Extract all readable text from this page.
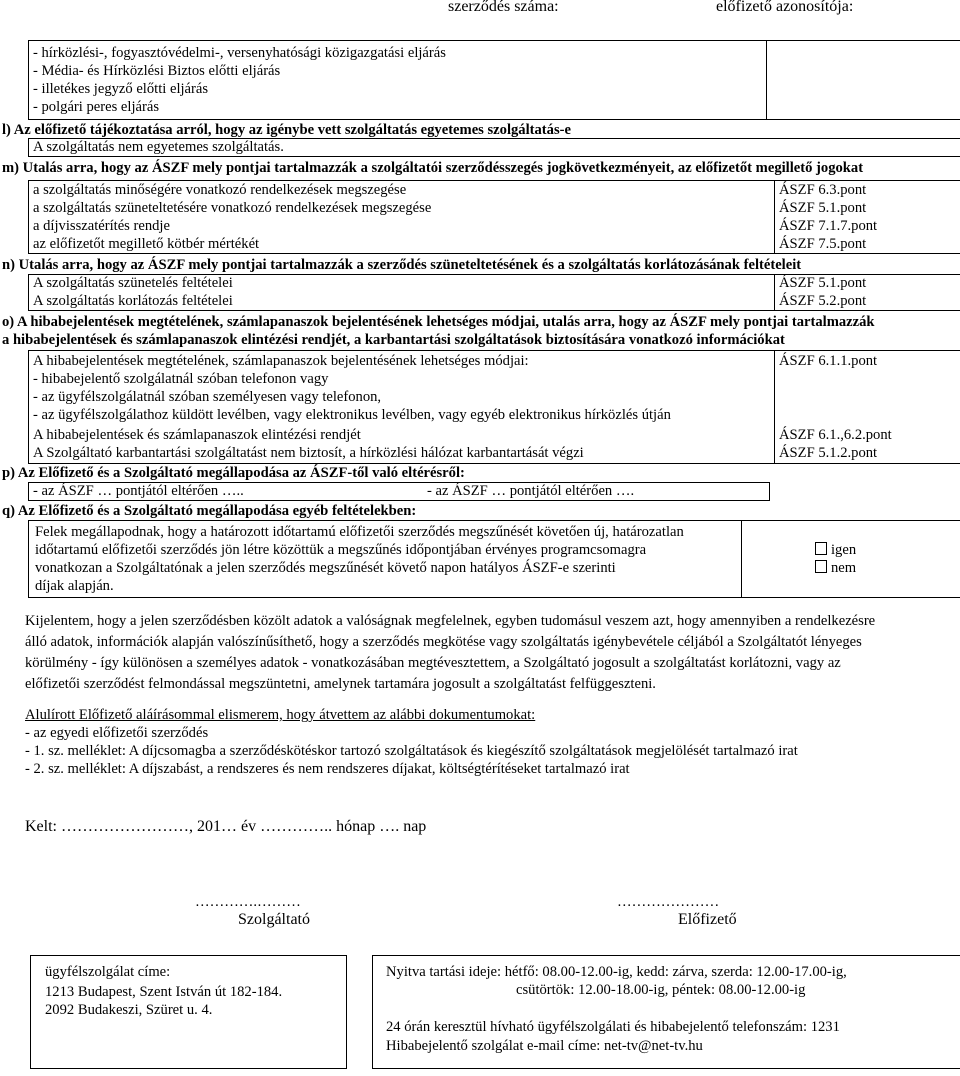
szerződés száma:	előfizető azonosítója:
- hírközlési-, fogyasztóvédelmi-, versenyhatósági közigazgatási eljárás
- Média- és Hírközlési Biztos előtti eljárás
- illetékes jegyző előtti eljárás
- polgári peres eljárás
l) Az előfizető tájékoztatása arról, hogy az igénybe vett szolgáltatás egyetemes szolgáltatás-e
A szolgáltatás nem egyetemes szolgáltatás.
m) Utalás arra, hogy az ÁSZF mely pontjai tartalmazzák a szolgáltatói szerződésszegés jogkövetkezményeit, az előfizetőt megillető jogokat
a szolgáltatás minőségére vonatkozó rendelkezések megszegése	ÁSZF 6.3.pont
a szolgáltatás szüneteltetésére vonatkozó rendelkezések megszegése	ÁSZF 5.1.pont
a díjvisszatérítés rendje	ÁSZF 7.1.7.pont
az előfizetőt megillető kötbér mértékét	ÁSZF 7.5.pont
n) Utalás arra, hogy az ÁSZF mely pontjai tartalmazzák a szerződés szüneteltetésének és a szolgáltatás korlátozásának feltételeit
A szolgáltatás szünetelés feltételei	ÁSZF 5.1.pont
A szolgáltatás korlátozás feltételei	ÁSZF 5.2.pont
o) A hibabejelentések megtételének, számlapanaszok bejelentésének lehetséges módjai, utalás arra, hogy az ÁSZF mely pontjai tartalmazzák
a hibabejelentések és számlapanaszok elintézési rendjét, a karbantartási szolgáltatások biztosítására vonatkozó információkat
A hibabejelentések megtételének, számlapanaszok bejelentésének lehetséges módjai:	ÁSZF 6.1.1.pont
- hibabejelentő szolgálatnál szóban telefonon vagy
- az ügyfélszolgálatnál szóban személyesen vagy telefonon,
- az ügyfélszolgálathoz küldött levélben, vagy elektronikus levélben, vagy egyéb elektronikus hírközlés útján
A hibabejelentések és számlapanaszok elintézési rendjét	ÁSZF 6.1.,6.2.pont
A Szolgáltató karbantartási szolgáltatást nem biztosít, a hírközlési hálózat karbantartását végzi	ÁSZF 5.1.2.pont
p) Az Előfizető és a Szolgáltató megállapodása az ÁSZF-től való eltérésről:
- az ÁSZF … pontjától eltérően …..	- az ÁSZF … pontjától eltérően ….
q) Az Előfizető és a Szolgáltató megállapodása egyéb feltételekben:
Felek megállapodnak, hogy a határozott időtartamú előfizetői szerződés megszűnését követően új, határozatlan
időtartamú előfizetői szerződés jön létre közöttük a megszűnés időpontjában érvényes programcsomagra
vonatkozan a Szolgáltatónak a jelen szerződés megszűnését követő napon hatályos ÁSZF-e szerinti
díjak alapján.
igen
nem
Kijelentem, hogy a jelen szerződésben közölt adatok a valóságnak megfelelnek, egyben tudomásul veszem azt, hogy amennyiben a rendelkezésre
álló adatok, információk alapján valószínűsíthető, hogy a szerződés megkötése vagy szolgáltatás igénybevétele céljából a Szolgáltatót lényeges
körülmény - így különösen a személyes adatok - vonatkozásában megtévesztettem, a Szolgáltató jogosult a szolgáltatást korlátozni, vagy az
előfizetői szerződést felmondással megszüntetni, amelynek tartamára jogosult a szolgáltatást felfüggeszteni.
Alulírott Előfizető aláírásommal elismerem, hogy átvettem az alábbi dokumentumokat:
- az egyedi előfizetői szerződés
- 1. sz. melléklet: A díjcsomagba a szerződéskötéskor tartozó szolgáltatások és kiegészítő szolgáltatások megjelölését tartalmazó irat
- 2. sz. melléklet: A díjszabást, a rendszeres és nem rendszeres díjakat, költségtérítéseket tartalmazó irat
Kelt: ……………………, 201… év ………….. hónap …. nap
………….………
Szolgáltató
…………………
Előfizető
ügyfélszolgálat címe:
1213 Budapest, Szent István út 182-184.
2092 Budakeszi, Szüret u. 4.
Nyitva tartási ideje: hétfő: 08.00-12.00-ig, kedd: zárva, szerda: 12.00-17.00-ig,
csütörtök: 12.00-18.00-ig, péntek: 08.00-12.00-ig
24 órán keresztül hívható ügyfélszolgálati és hibabejelentő telefonszám: 1231
Hibabejelentő szolgálat e-mail címe: net-tv@net-tv.hu
